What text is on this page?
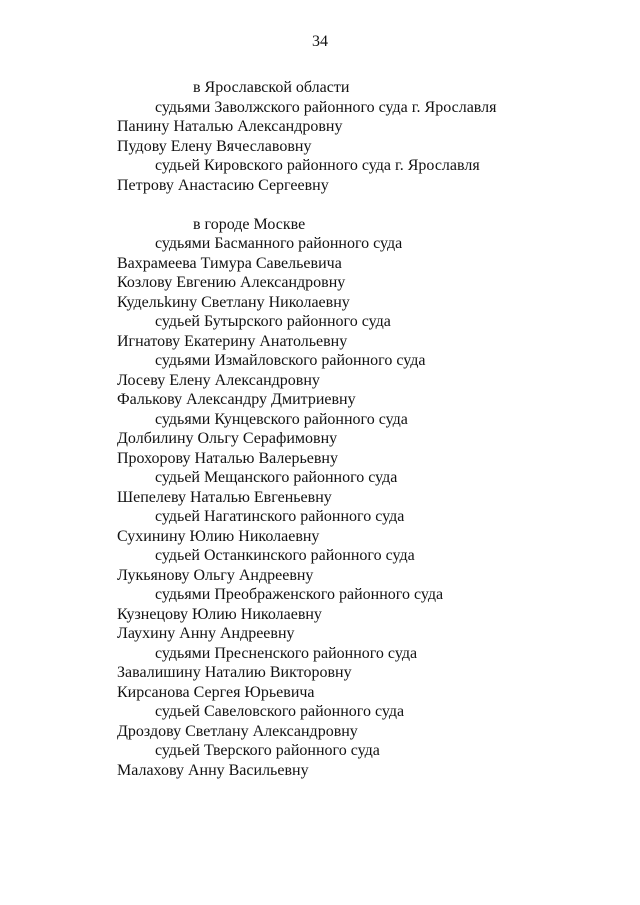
34
в Ярославской области
судьями Заволжского районного суда г. Ярославля
Панину Наталью Александровну
Пудову Елену Вячеславовну
судьей Кировского районного суда г. Ярославля
Петрову Анастасию Сергеевну
в городе Москве
судьями Басманного районного суда
Вахрамеева Тимура Савельевича
Козлову Евгению Александровну
Кудельkину Светлану Николаевну
судьей Бутырского районного суда
Игнатову Екатерину Анатольевну
судьями Измайловского районного суда
Лосеву Елену Александровну
Фалькову Александру Дмитриевну
судьями Кунцевского районного суда
Долбилину Ольгу Серафимовну
Прохорову Наталью Валерьевну
судьей Мещанского районного суда
Шепелеву Наталью Евгеньевну
судьей Нагатинского районного суда
Сухинину Юлию Николаевну
судьей Останкинского районного суда
Лукьянову Ольгу Андреевну
судьями Преображенского районного суда
Кузнецову Юлию Николаевну
Лаухину Анну Андреевну
судьями Пресненского районного суда
Завалишину Наталию Викторовну
Кирсанова Сергея Юрьевича
судьей Савеловского районного суда
Дроздову Светлану Александровну
судьей Тверского районного суда
Малахову Анну Васильевну
